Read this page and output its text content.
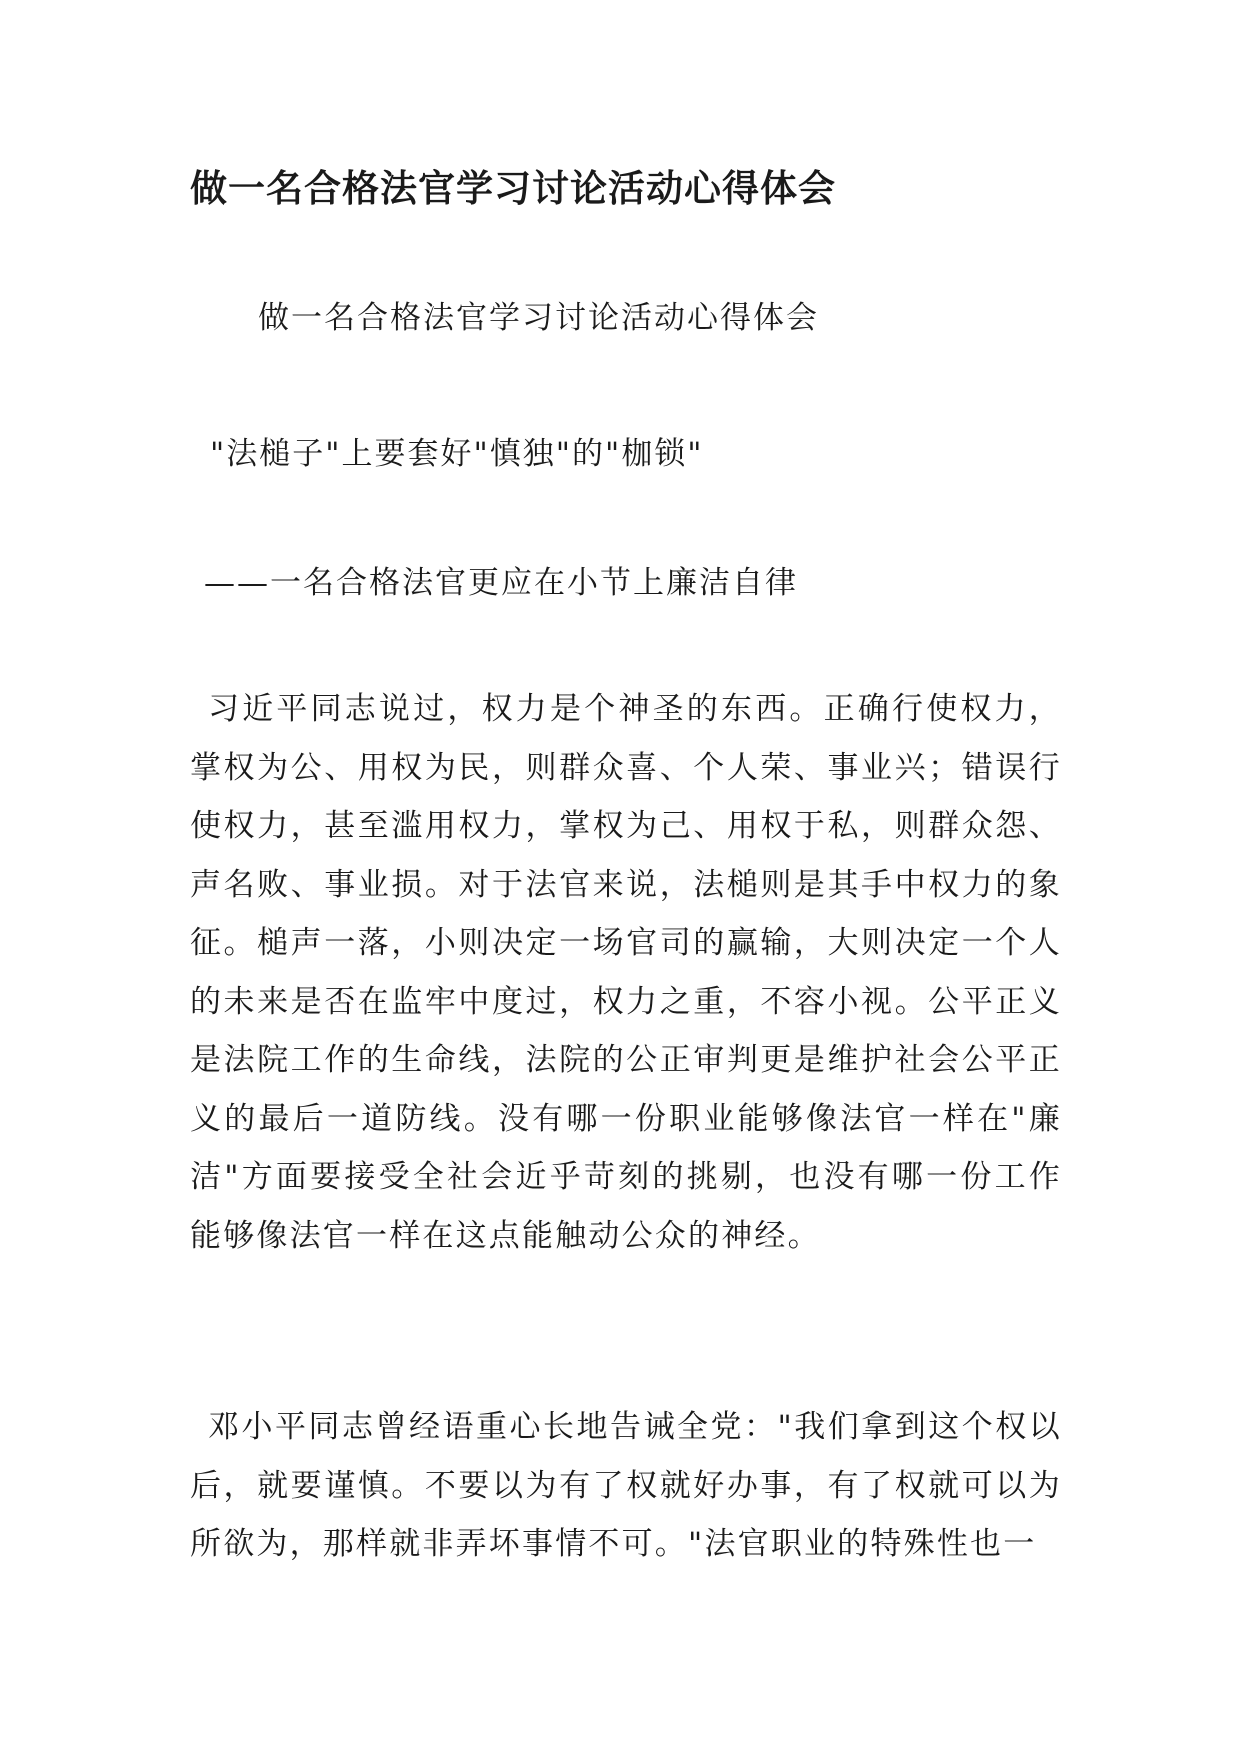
做一名合格法官学习讨论活动心得体会
做一名合格法官学习讨论活动心得体会
"法槌子"上要套好"慎独"的"枷锁"
——一名合格法官更应在小节上廉洁自律

习近平同志说过，权力是个神圣的东西。正确行使权力，掌权为公、用权为民，则群众喜、个人荣、事业兴；错误行使权力，甚至滥用权力，掌权为己、用权于私，则群众怨、声名败、事业损。对于法官来说，法槌则是其手中权力的象征。槌声一落，小则决定一场官司的赢输，大则决定一个人的未来是否在监牢中度过，权力之重，不容小视。公平正义是法院工作的生命线，法院的公正审判更是维护社会公平正义的最后一道防线。没有哪一份职业能够像法官一样在"廉洁"方面要接受全社会近乎苛刻的挑剔，也没有哪一份工作能够像法官一样在这点能触动公众的神经。

邓小平同志曾经语重心长地告诫全党："我们拿到这个权以后，就要谨慎。不要以为有了权就好办事，有了权就可以为所欲为，那样就非弄坏事情不可。"法官职业的特殊性也一
